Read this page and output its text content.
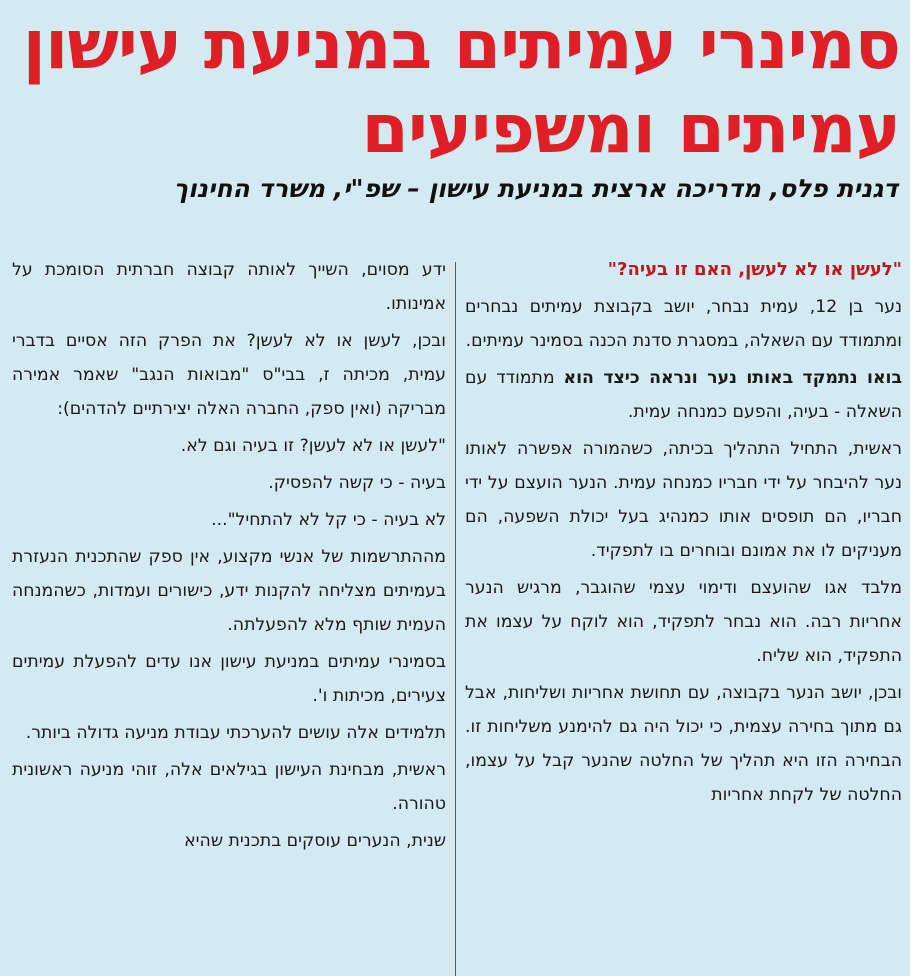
סמינרי עמיתים במניעת עישון
עמיתים ומשפיעים
דגנית פלס, מדריכה ארצית במניעת עישון – שפ"י, משרד החינוך

"לעשן או לא לעשן, האם זו בעיה?"

נער בן 12, עמית נבחר, יושב בקבוצת עמיתים נבחרים ומתמודד עם השאלה, במסגרת סדנת הכנה בסמינר עמיתים.

בואו נתמקד באותו נער ונראה כיצד הוא מתמודד עם השאלה - בעיה, והפעם כמנחה עמית.

ראשית, התחיל התהליך בכיתה, כשהמורה אפשרה לאותו נער להיבחר על ידי חבריו כמנחה עמית. הנער הועצם על ידי חבריו, הם תופסים אותו כמנהיג בעל יכולת השפעה, הם מעניקים לו את אמונם ובוחרים בו לתפקיד.

מלבד אגו שהועצם ודימוי עצמי שהוגבר, מרגיש הנער אחריות רבה. הוא נבחר לתפקיד, הוא לוקח על עצמו את התפקיד, הוא שליח.

ובכן, יושב הנער בקבוצה, עם תחושת אחריות ושליחות, אבל גם מתוך בחירה עצמית, כי יכול היה גם להימנע משליחות זו. הבחירה הזו היא תהליך של החלטה שהנער קבל על עצמו, החלטה של לקחת אחריות

ידע מסוים, השייך לאותה קבוצה חברתית הסומכת על אמינותו.

ובכן, לעשן או לא לעשן? את הפרק הזה אסיים בדברי עמית, מכיתה ז, בבי"ס "מבואות הנגב" שאמר אמירה מבריקה (ואין ספק, החברה האלה יצירתיים להדהים):

"לעשן או לא לעשן? זו בעיה וגם לא.

בעיה - כי קשה להפסיק.

לא בעיה - כי קל לא להתחיל"...

מההתרשמות של אנשי מקצוע, אין ספק שהתכנית הנעזרת בעמיתים מצליחה להקנות ידע, כישורים ועמדות, כשהמנחה העמית שותף מלא להפעלתה.

בסמינרי עמיתים במניעת עישון אנו עדים להפעלת עמיתים צעירים, מכיתות ו'.

תלמידים אלה עושים להערכתי עבודת מניעה גדולה ביותר.

ראשית, מבחינת העישון בגילאים אלה, זוהי מניעה ראשונית טהורה.

שנית, הנערים עוסקים בתכנית שהיא
